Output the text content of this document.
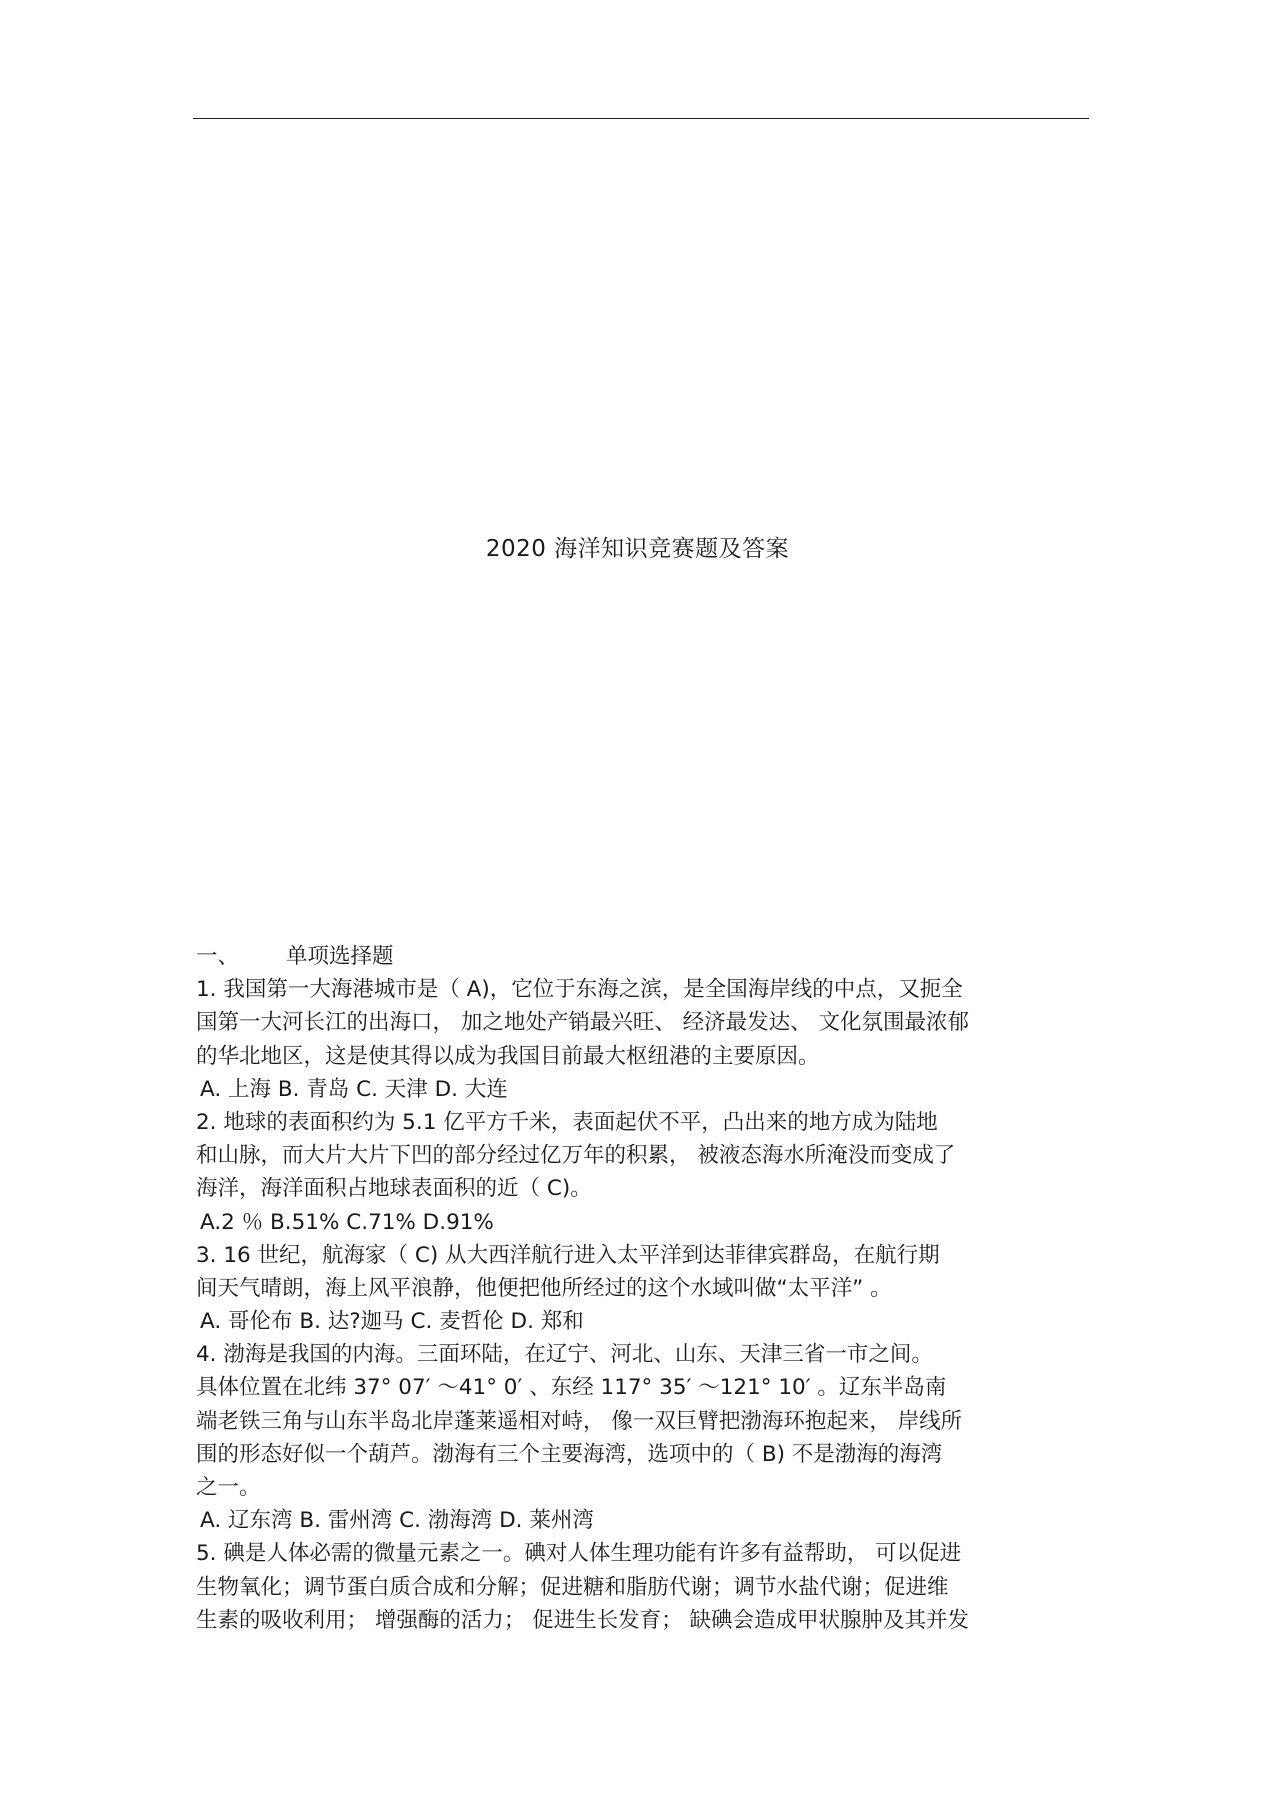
2020 海洋知识竞赛题及答案
一、 单项选择题
1. 我国第一大海港城市是（ A)，它位于东海之滨，是全国海岸线的中点，又扼全
国第一大河长江的出海口， 加之地处产销最兴旺、 经济最发达、 文化氛围最浓郁
的华北地区，这是使其得以成为我国目前最大枢纽港的主要原因。
A. 上海 B. 青岛 C. 天津 D. 大连
2. 地球的表面积约为 5.1 亿平方千米，表面起伏不平，凸出来的地方成为陆地
和山脉，而大片大片下凹的部分经过亿万年的积累， 被液态海水所淹没而变成了
海洋，海洋面积占地球表面积的近（ C)。
A.2 ％ B.51% C.71% D.91%
3. 16 世纪，航海家（ C) 从大西洋航行进入太平洋到达菲律宾群岛，在航行期
间天气晴朗，海上风平浪静，他便把他所经过的这个水域叫做“太平洋” 。
A. 哥伦布 B. 达?迦马 C. 麦哲伦 D. 郑和
4. 渤海是我国的内海。三面环陆，在辽宁、河北、山东、天津三省一市之间。
具体位置在北纬 37° 07′ ～41° 0′ 、东经 117° 35′ ～121° 10′ 。辽东半岛南
端老铁三角与山东半岛北岸蓬莱遥相对峙， 像一双巨臂把渤海环抱起来， 岸线所
围的形态好似一个葫芦。渤海有三个主要海湾，选项中的（ B) 不是渤海的海湾
之一。
A. 辽东湾 B. 雷州湾 C. 渤海湾 D. 莱州湾
5. 碘是人体必需的微量元素之一。碘对人体生理功能有许多有益帮助， 可以促进
生物氧化；调节蛋白质合成和分解；促进糖和脂肪代谢；调节水盐代谢；促进维
生素的吸收利用； 增强酶的活力； 促进生长发育； 缺碘会造成甲状腺肿及其并发
